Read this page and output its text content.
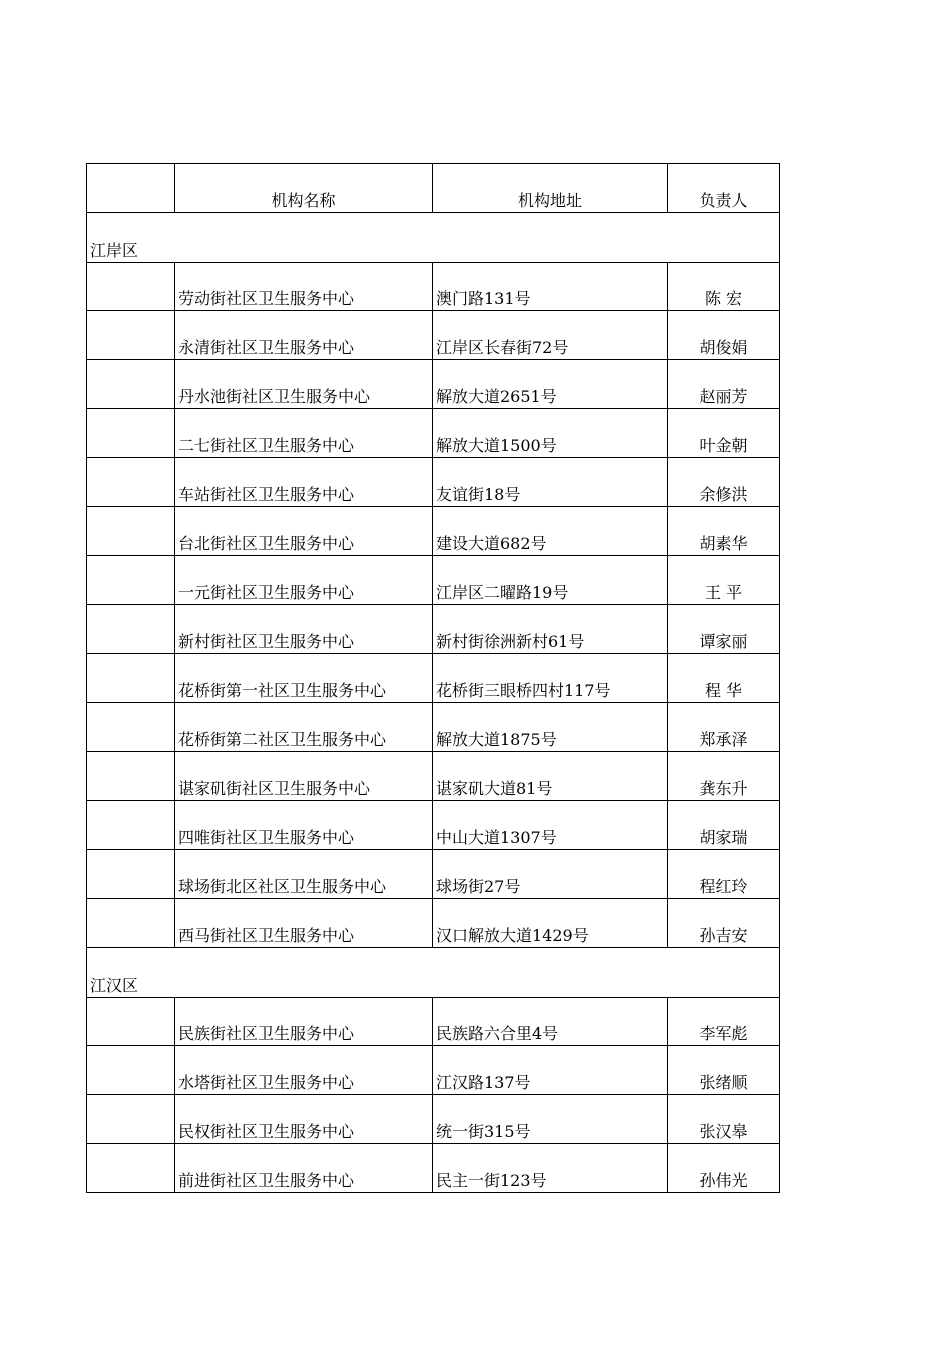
机构名称	机构地址	负责人
江岸区
劳动街社区卫生服务中心	澳门路131号	陈 宏
永清街社区卫生服务中心	江岸区长春街72号	胡俊娟
丹水池街社区卫生服务中心	解放大道2651号	赵丽芳
二七街社区卫生服务中心	解放大道1500号	叶金朝
车站街社区卫生服务中心	友谊街18号	余修洪
台北街社区卫生服务中心	建设大道682号	胡素华
一元街社区卫生服务中心	江岸区二曜路19号	王 平
新村街社区卫生服务中心	新村街徐洲新村61号	谭家丽
花桥街第一社区卫生服务中心	花桥街三眼桥四村117号	程 华
花桥街第二社区卫生服务中心	解放大道1875号	郑承泽
谌家矶街社区卫生服务中心	谌家矶大道81号	龚东升
四唯街社区卫生服务中心	中山大道1307号	胡家瑞
球场街北区社区卫生服务中心	球场街27号	程红玲
西马街社区卫生服务中心	汉口解放大道1429号	孙吉安
江汉区
民族街社区卫生服务中心	民族路六合里4号	李军彪
水塔街社区卫生服务中心	江汉路137号	张绪顺
民权街社区卫生服务中心	统一街315号	张汉皋
前进街社区卫生服务中心	民主一街123号	孙伟光
